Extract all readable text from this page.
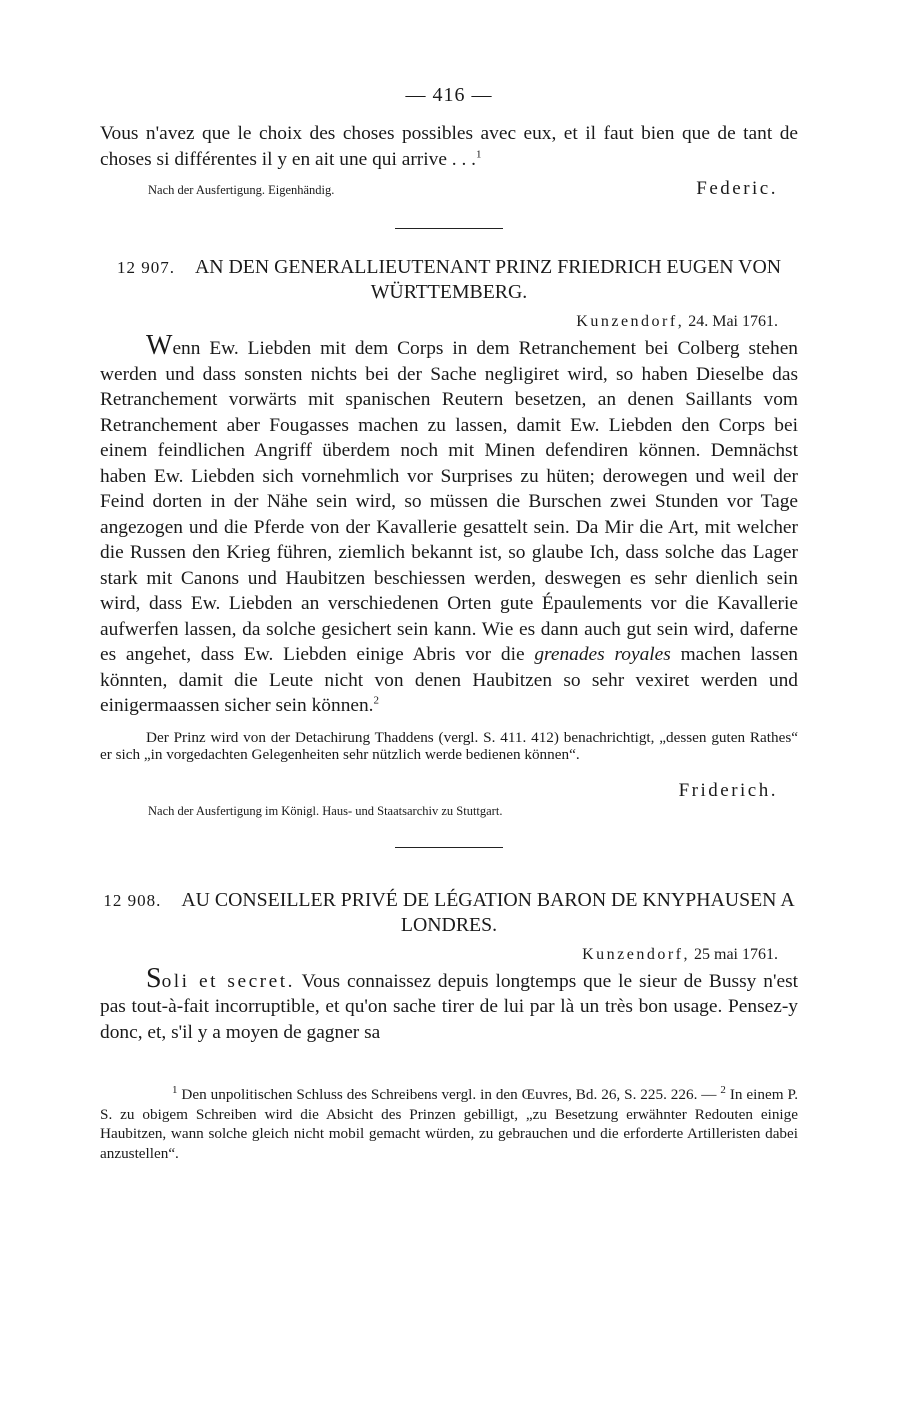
— 416 —

Vous n'avez que le choix des choses possibles avec eux, et il faut bien que de tant de choses si différentes il y en ait une qui arrive . . .$^1$

Nach der Ausfertigung. Eigenhändig.	Federic.

12 907. AN DEN GENERALLIEUTENANT PRINZ FRIEDRICH EUGEN VON WÜRTTEMBERG.

Kunzendorf, 24. Mai 1761.

Wenn Ew. Liebden mit dem Corps in dem Retranchement bei Colberg stehen werden und dass sonsten nichts bei der Sache negligiret wird, so haben Dieselbe das Retranchement vorwärts mit spanischen Reutern besetzen, an denen Saillants vom Retranchement aber Fougasses machen zu lassen, damit Ew. Liebden den Corps bei einem feindlichen Angriff überdem noch mit Minen defendiren können. Demnächst haben Ew. Liebden sich vornehmlich vor Surprises zu hüten; derowegen und weil der Feind dorten in der Nähe sein wird, so müssen die Burschen zwei Stunden vor Tage angezogen und die Pferde von der Kavallerie gesattelt sein. Da Mir die Art, mit welcher die Russen den Krieg führen, ziemlich bekannt ist, so glaube Ich, dass solche das Lager stark mit Canons und Haubitzen beschiessen werden, deswegen es sehr dienlich sein wird, dass Ew. Liebden an verschiedenen Orten gute Épaulements vor die Kavallerie aufwerfen lassen, da solche gesichert sein kann. Wie es dann auch gut sein wird, daferne es angehet, dass Ew. Liebden einige Abris vor die grenades royales machen lassen könnten, damit die Leute nicht von denen Haubitzen so sehr vexiret werden und einigermaassen sicher sein können.$^2$

Der Prinz wird von der Detachirung Thaddens (vergl. S. 411. 412) benachrichtigt, „dessen guten Rathes“ er sich „in vorgedachten Gelegenheiten sehr nützlich werde bedienen können“.

Friderich.
Nach der Ausfertigung im Königl. Haus- und Staatsarchiv zu Stuttgart.

12 908. AU CONSEILLER PRIVÉ DE LÉGATION BARON DE KNYPHAUSEN A LONDRES.

Kunzendorf, 25 mai 1761.

Soli et secret. Vous connaissez depuis longtemps que le sieur de Bussy n'est pas tout-à-fait incorruptible, et qu'on sache tirer de lui par là un très bon usage. Pensez-y donc, et, s'il y a moyen de gagner sa

$^1$ Den unpolitischen Schluss des Schreibens vergl. in den Œuvres, Bd. 26, S. 225. 226. — $^2$ In einem P. S. zu obigem Schreiben wird die Absicht des Prinzen gebilligt, „zu Besetzung erwähnter Redouten einige Haubitzen, wann solche gleich nicht mobil gemacht würden, zu gebrauchen und die erforderte Artilleristen dabei anzustellen“.
